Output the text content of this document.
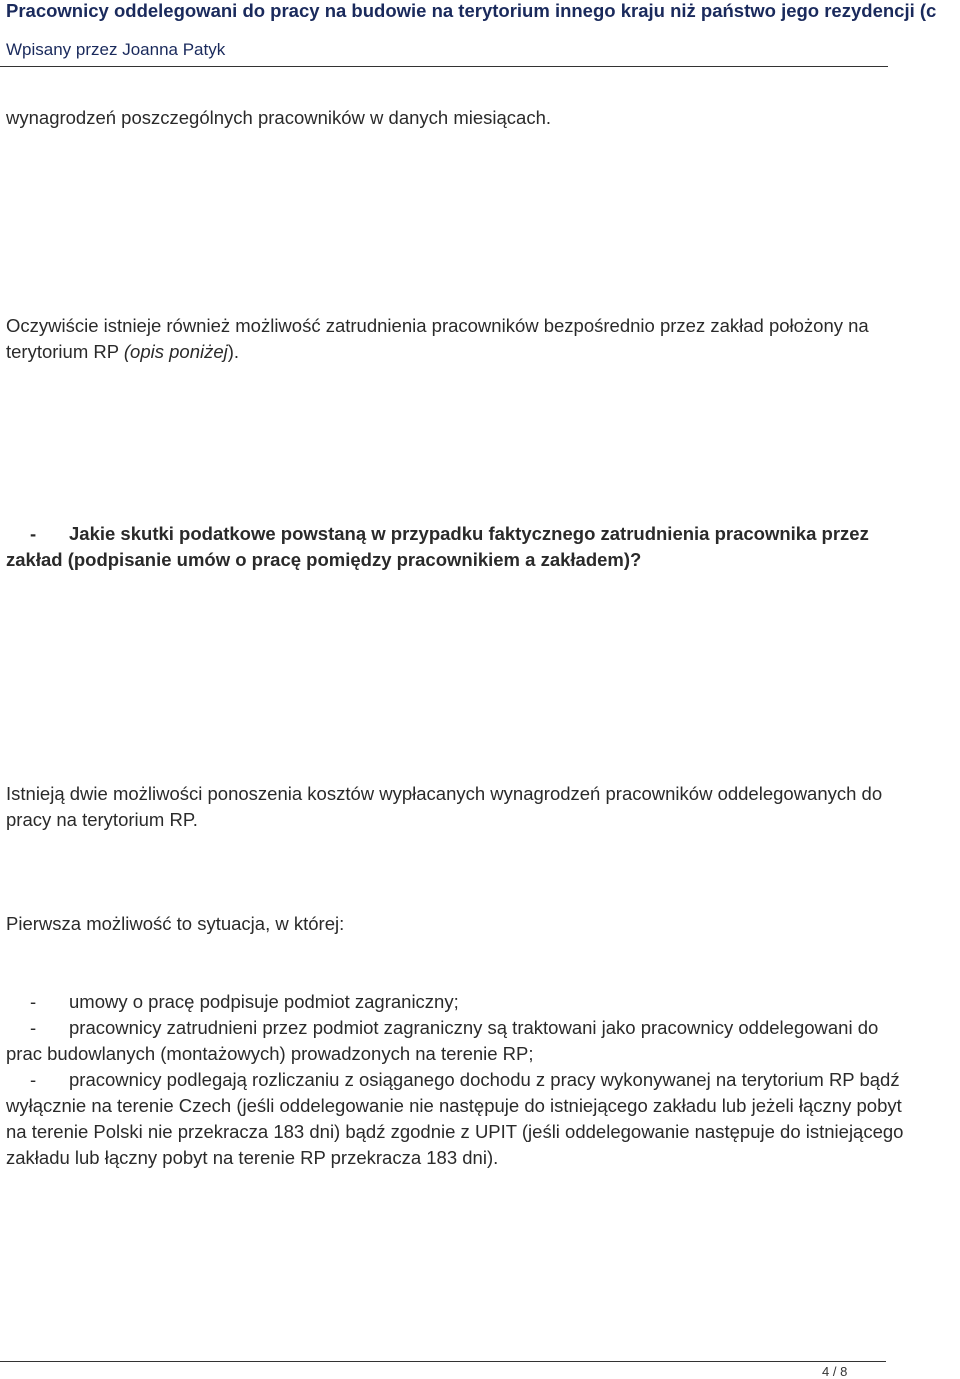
Pracownicy oddelegowani do pracy na budowie na terytorium innego kraju niż państwo jego rezydencji (c
Wpisany przez Joanna Patyk

wynagrodzeń poszczególnych pracowników w danych miesiącach.

Oczywiście istnieje również możliwość zatrudnienia pracowników bezpośrednio przez zakład położony na terytorium RP (opis poniżej).

- Jakie skutki podatkowe powstaną w przypadku faktycznego zatrudnienia pracownika przez zakład (podpisanie umów o pracę pomiędzy pracownikiem a zakładem)?

Istnieją dwie możliwości ponoszenia kosztów wypłacanych wynagrodzeń pracowników oddelegowanych do pracy na terytorium RP.

Pierwsza możliwość to sytuacja, w której:

- umowy o pracę podpisuje podmiot zagraniczny;
- pracownicy zatrudnieni przez podmiot zagraniczny są traktowani jako pracownicy oddelegowani do prac budowlanych (montażowych) prowadzonych na terenie RP;
- pracownicy podlegają rozliczaniu z osiąganego dochodu z pracy wykonywanej na terytorium RP bądź wyłącznie na terenie Czech (jeśli oddelegowanie nie następuje do istniejącego zakładu lub jeżeli łączny pobyt na terenie Polski nie przekracza 183 dni) bądź zgodnie z UPIT (jeśli oddelegowanie następuje do istniejącego zakładu lub łączny pobyt na terenie RP przekracza 183 dni).
4 / 8
